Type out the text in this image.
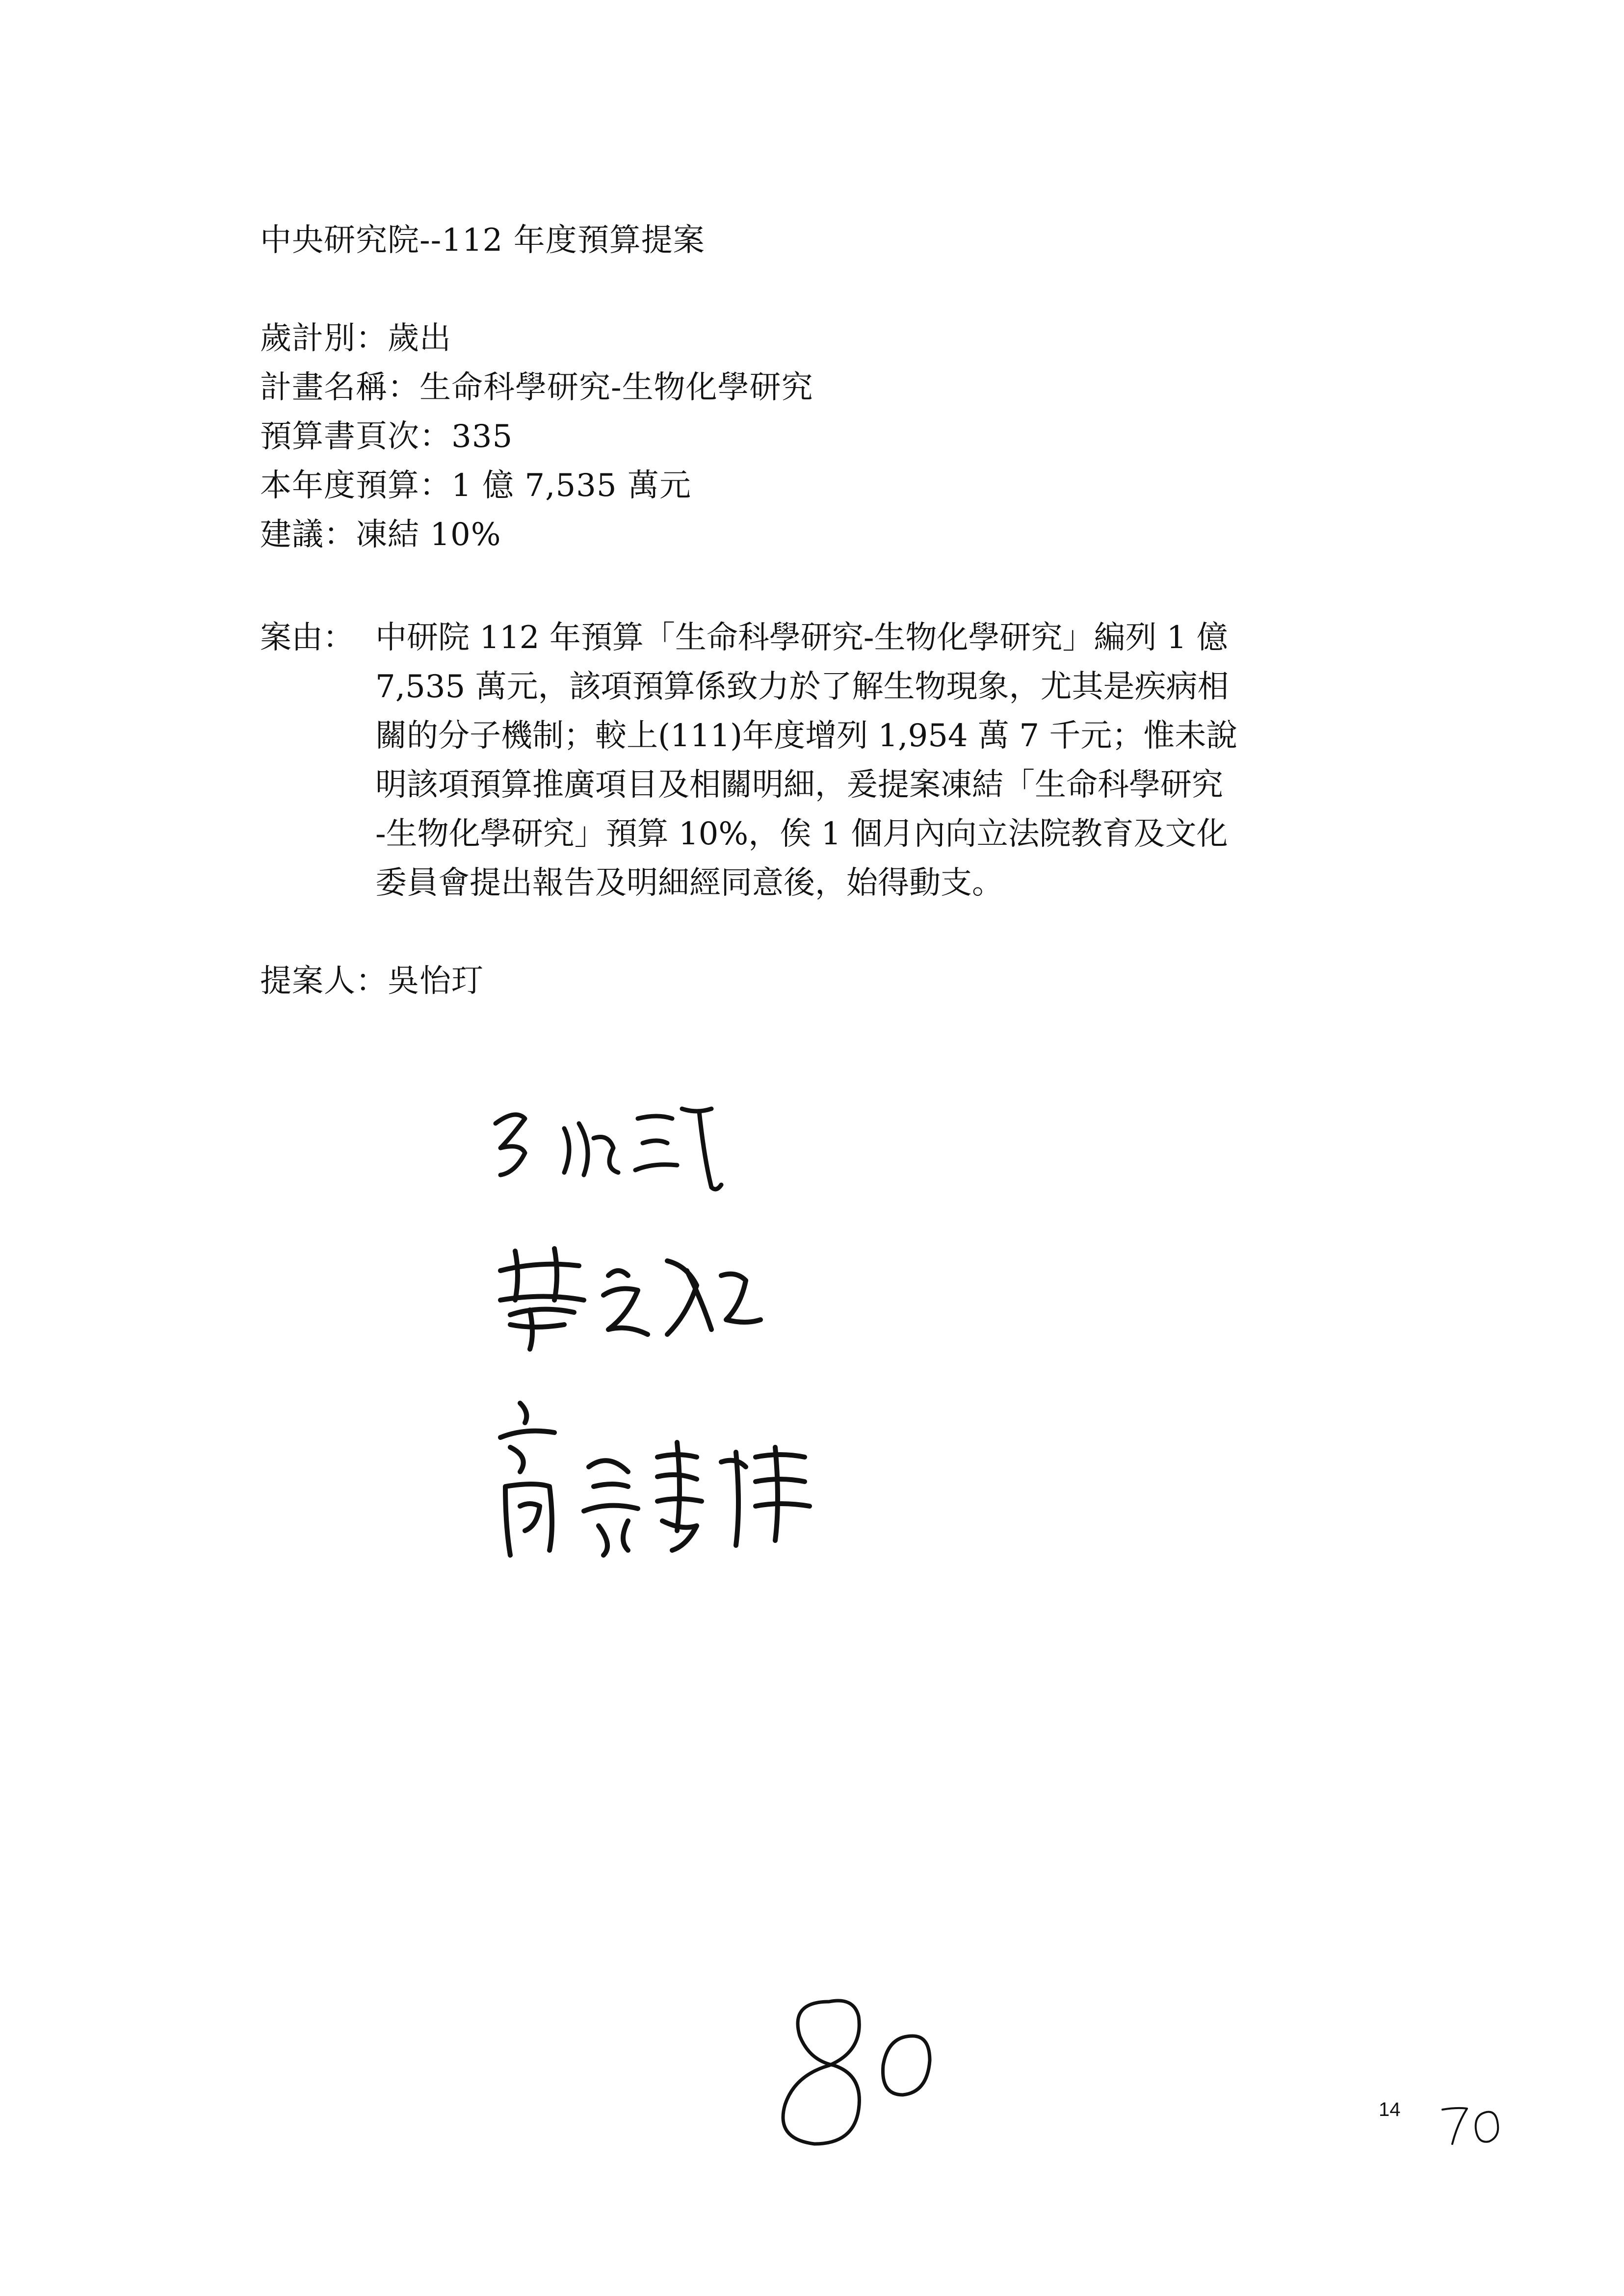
中央研究院--112 年度預算提案
歲計別：歲出
計畫名稱：生命科學研究-生物化學研究
預算書頁次：335
本年度預算：1 億 7,535 萬元
建議：凍結 10%
案由： 中研院 112 年預算「生命科學研究-生物化學研究」編列 1 億
7,535 萬元，該項預算係致力於了解生物現象，尤其是疾病相
關的分子機制；較上(111)年度增列 1,954 萬 7 千元；惟未說
明該項預算推廣項目及相關明細，爰提案凍結「生命科學研究
-生物化學研究」預算 10%，俟 1 個月內向立法院教育及文化
委員會提出報告及明細經同意後，始得動支。
提案人：吳怡玎
14
